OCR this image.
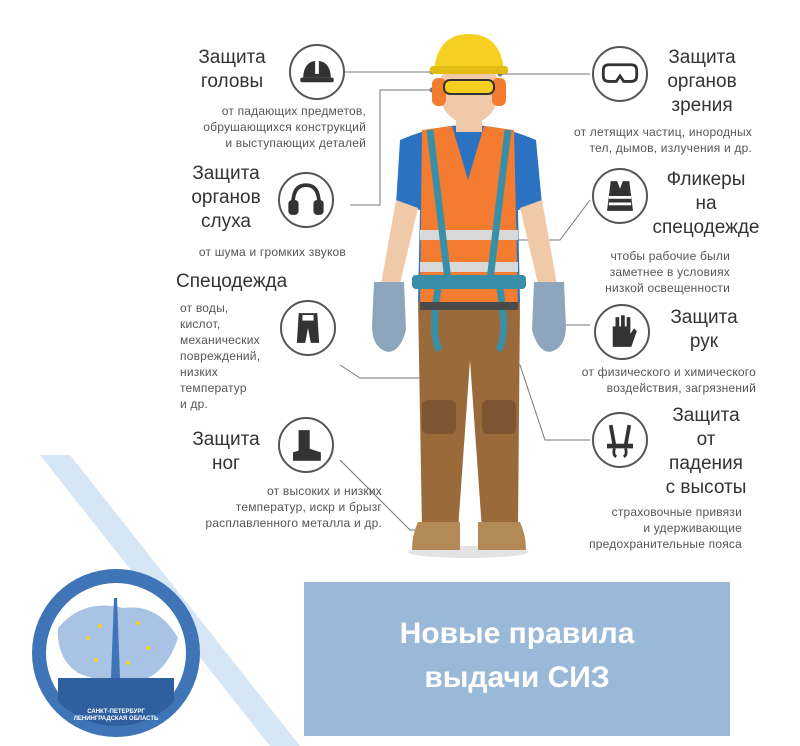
Защита
головы
от падающих предметов,
обрушающихся конструкций
и выступающих деталей
Защита
органов
слуха
от шума и громких звуков
Спецодежда
от воды,
кислот,
механических
повреждений,
низких
температур
и др.
Защита
ног
от высоких и низких
температур, искр и брызг
расплавленного металла и др.
Защита
органов
зрения
от летящих частиц, инородных
тел, дымов, излучения и др.
Фликеры
на
спецодежде
чтобы рабочие были
заметнее в условиях
низкой освещенности
Защита
рук
от физического и химического
воздействия, загрязнений
Защита
от
падения
с высоты
страховочные привязи
и удерживающие
предохранительные пояса
Новые правила
выдачи СИЗ
САНКТ-ПЕТЕРБУРГ
ЛЕНИНГРАДСКАЯ ОБЛАСТЬ
